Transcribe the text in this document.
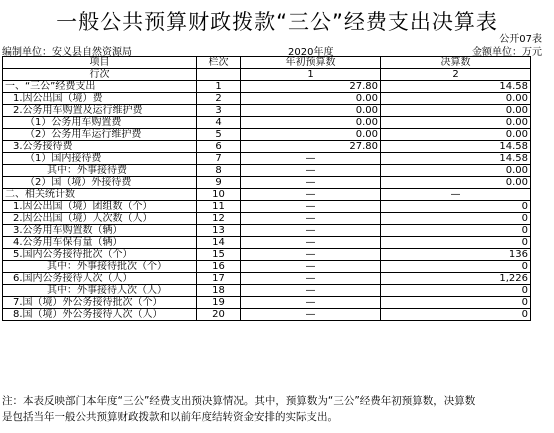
一般公共预算财政拨款“三公”经费支出决算表
公开07表
编制单位：安义县自然资源局	2020年度	金额单位：万元
项目	栏次	年初预算数	决算数
行次		1	2
一、“三公”经费支出	1	27.80	14.58
1.因公出国（境）费	2	0.00	0.00
2.公务用车购置及运行维护费	3	0.00	0.00
（1）公务用车购置费	4	0.00	0.00
（2）公务用车运行维护费	5	0.00	0.00
3.公务接待费	6	27.80	14.58
（1）国内接待费	7	—	14.58
其中：外事接待费	8	—	0.00
（2）国（境）外接待费	9	—	0.00
二、相关统计数	10	—	—
1.因公出国（境）团组数（个）	11	—	0
2.因公出国（境）人次数（人）	12	—	0
3.公务用车购置数（辆）	13	—	0
4.公务用车保有量（辆）	14	—	0
5.国内公务接待批次（个）	15	—	136
其中：外事接待批次（个）	16	—	0
6.国内公务接待人次（人）	17	—	1,226
其中：外事接待人次（人）	18	—	0
7.国（境）外公务接待批次（个）	19	—	0
8.国（境）外公务接待人次（人）	20	—	0
注：本表反映部门本年度“三公”经费支出预决算情况。其中，预算数为“三公”经费年初预算数，决算数
是包括当年一般公共预算财政拨款和以前年度结转资金安排的实际支出。
